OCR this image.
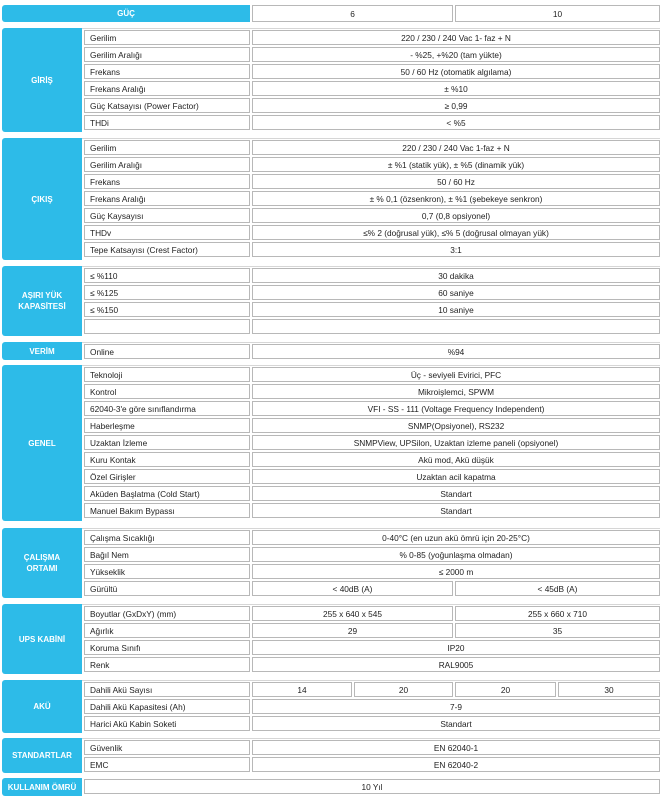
GÜÇ	6	10
GİRİŞ
Gerilim	220 / 230 / 240 Vac 1- faz + N
Gerilim Aralığı	- %25, +%20 (tam yükte)
Frekans	50 / 60 Hz (otomatik algılama)
Frekans Aralığı	± %10
Güç Katsayısı (Power Factor)	≥ 0,99
THDi	< %5
ÇIKIŞ
Gerilim	220 / 230 / 240 Vac 1-faz + N
Gerilim Aralığı	± %1 (statik yük), ± %5 (dinamik yük)
Frekans	50 / 60 Hz
Frekans Aralığı	± % 0,1 (özsenkron), ± %1 (şebekeye senkron)
Güç Kaysayısı	0,7 (0,8 opsiyonel)
THDv	≤% 2 (doğrusal yük), ≤% 5 (doğrusal olmayan yük)
Tepe Katsayısı (Crest Factor)	3:1
AŞIRI YÜK
KAPASİTESİ
≤ %110	30 dakika
≤ %125	60 saniye
≤ %150	10 saniye
VERİM	Online	%94
GENEL
Teknoloji	Üç - seviyeli Evirici, PFC
Kontrol	Mikroişlemci, SPWM
62040-3'e göre sınıflandırma	VFI - SS - 111 (Voltage Frequency Independent)
Haberleşme	SNMP(Opsiyonel), RS232
Uzaktan İzleme	SNMPView, UPSilon, Uzaktan izleme paneli (opsiyonel)
Kuru Kontak	Akü mod, Akü düşük
Özel Girişler	Uzaktan acil kapatma
Aküden Başlatma (Cold Start)	Standart
Manuel Bakım Bypassı	Standart
ÇALIŞMA
ORTAMI
Çalışma Sıcaklığı	0-40°C (en uzun akü ömrü için 20-25°C)
Bağıl Nem	% 0-85 (yoğunlaşma olmadan)
Yükseklik	≤ 2000 m
Gürültü	< 40dB (A)	< 45dB (A)
UPS KABİNİ
Boyutlar (GxDxY) (mm)	255 x 640 x 545	255 x 660 x 710
Ağırlık	29	35
Koruma Sınıfı	IP20
Renk	RAL9005
AKÜ
Dahili Akü Sayısı	14	20	20	30
Dahili Akü Kapasitesi (Ah)	7-9
Harici Akü Kabin Soketi	Standart
STANDARTLAR
Güvenlik	EN 62040-1
EMC	EN 62040-2
KULLANIM ÖMRÜ	10 Yıl
